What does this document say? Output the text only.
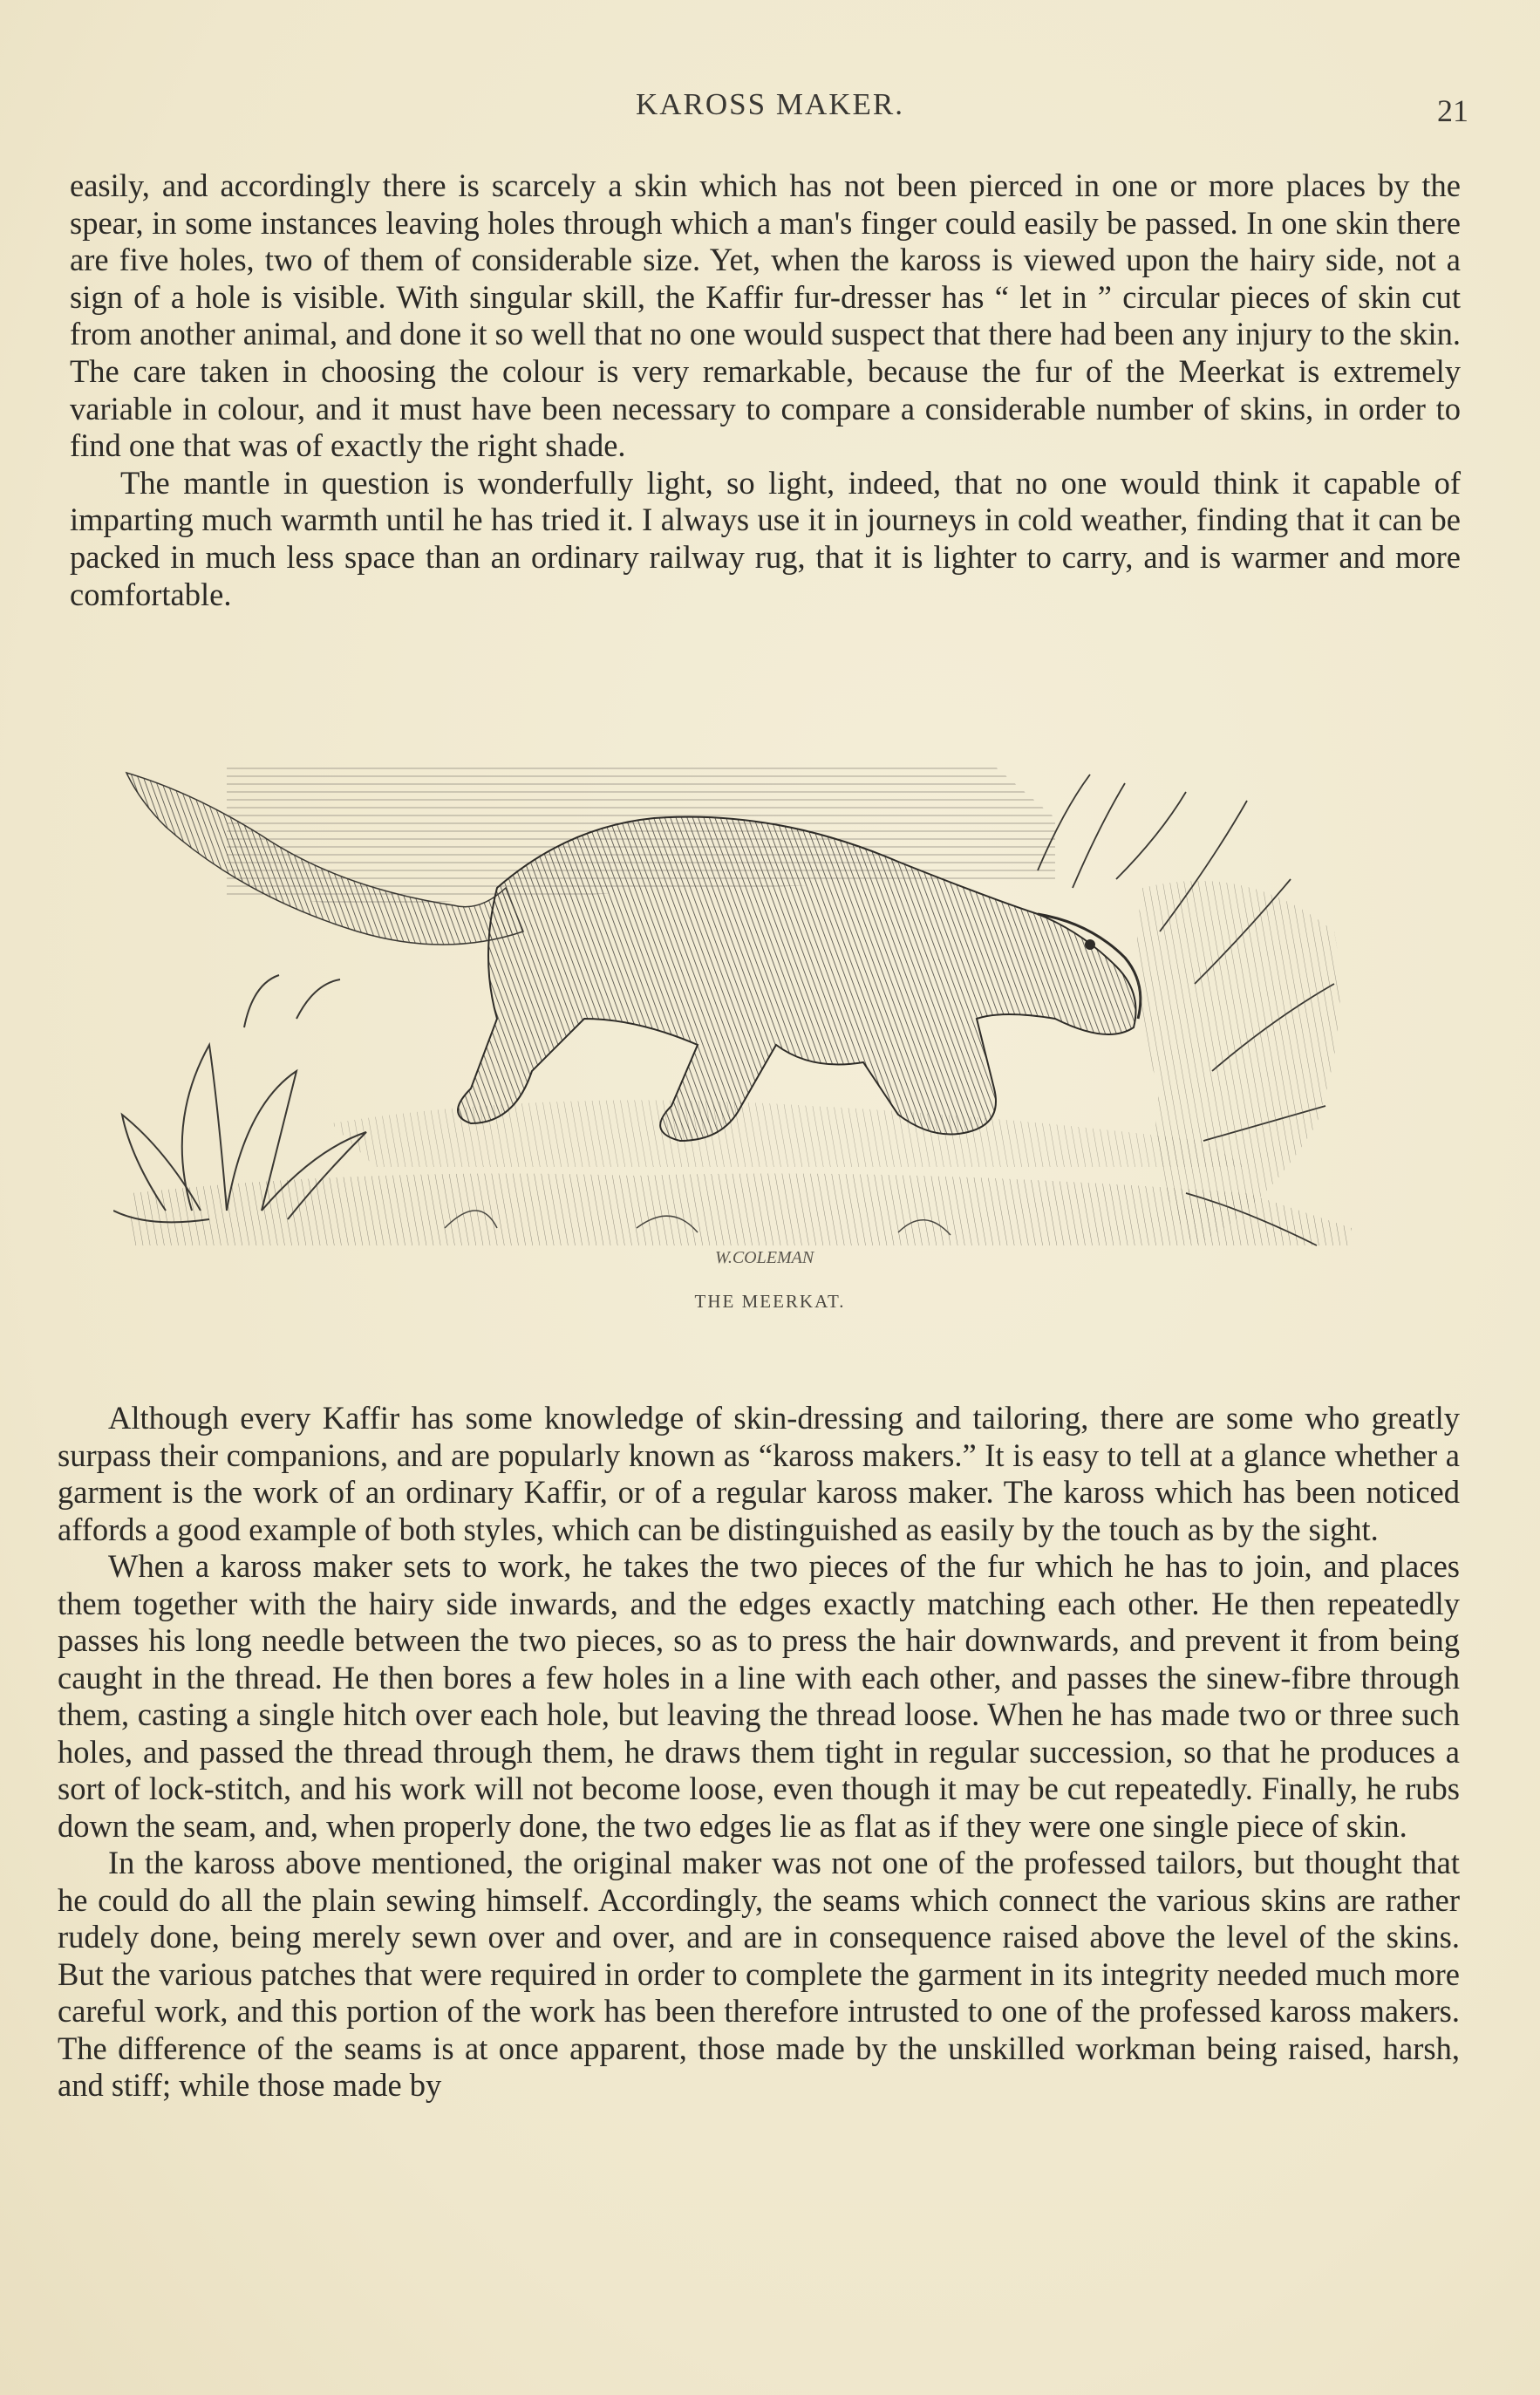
KAROSS MAKER.	21

easily, and accordingly there is scarcely a skin which has not been pierced in one or more places by the spear, in some instances leaving holes through which a man's finger could easily be passed. In one skin there are five holes, two of them of considerable size. Yet, when the kaross is viewed upon the hairy side, not a sign of a hole is visible. With singular skill, the Kaffir fur-dresser has “ let in ” circular pieces of skin cut from another animal, and done it so well that no one would suspect that there had been any injury to the skin. The care taken in choosing the colour is very remarkable, because the fur of the Meerkat is extremely variable in colour, and it must have been necessary to compare a considerable number of skins, in order to find one that was of exactly the right shade.

The mantle in question is wonderfully light, so light, indeed, that no one would think it capable of imparting much warmth until he has tried it. I always use it in journeys in cold weather, finding that it can be packed in much less space than an ordinary railway rug, that it is lighter to carry, and is warmer and more comfortable.

W.COLEMAN
THE MEERKAT.

Although every Kaffir has some knowledge of skin-dressing and tailoring, there are some who greatly surpass their companions, and are popularly known as “kaross makers.” It is easy to tell at a glance whether a garment is the work of an ordinary Kaffir, or of a regular kaross maker. The kaross which has been noticed affords a good example of both styles, which can be distinguished as easily by the touch as by the sight.

When a kaross maker sets to work, he takes the two pieces of the fur which he has to join, and places them together with the hairy side inwards, and the edges exactly matching each other. He then repeatedly passes his long needle between the two pieces, so as to press the hair downwards, and prevent it from being caught in the thread. He then bores a few holes in a line with each other, and passes the sinew-fibre through them, casting a single hitch over each hole, but leaving the thread loose. When he has made two or three such holes, and passed the thread through them, he draws them tight in regular succession, so that he produces a sort of lock-stitch, and his work will not become loose, even though it may be cut repeatedly. Finally, he rubs down the seam, and, when properly done, the two edges lie as flat as if they were one single piece of skin.

In the kaross above mentioned, the original maker was not one of the professed tailors, but thought that he could do all the plain sewing himself. Accordingly, the seams which connect the various skins are rather rudely done, being merely sewn over and over, and are in consequence raised above the level of the skins. But the various patches that were required in order to complete the garment in its integrity needed much more careful work, and this portion of the work has been therefore intrusted to one of the professed kaross makers. The difference of the seams is at once apparent, those made by the unskilled workman being raised, harsh, and stiff; while those made by
